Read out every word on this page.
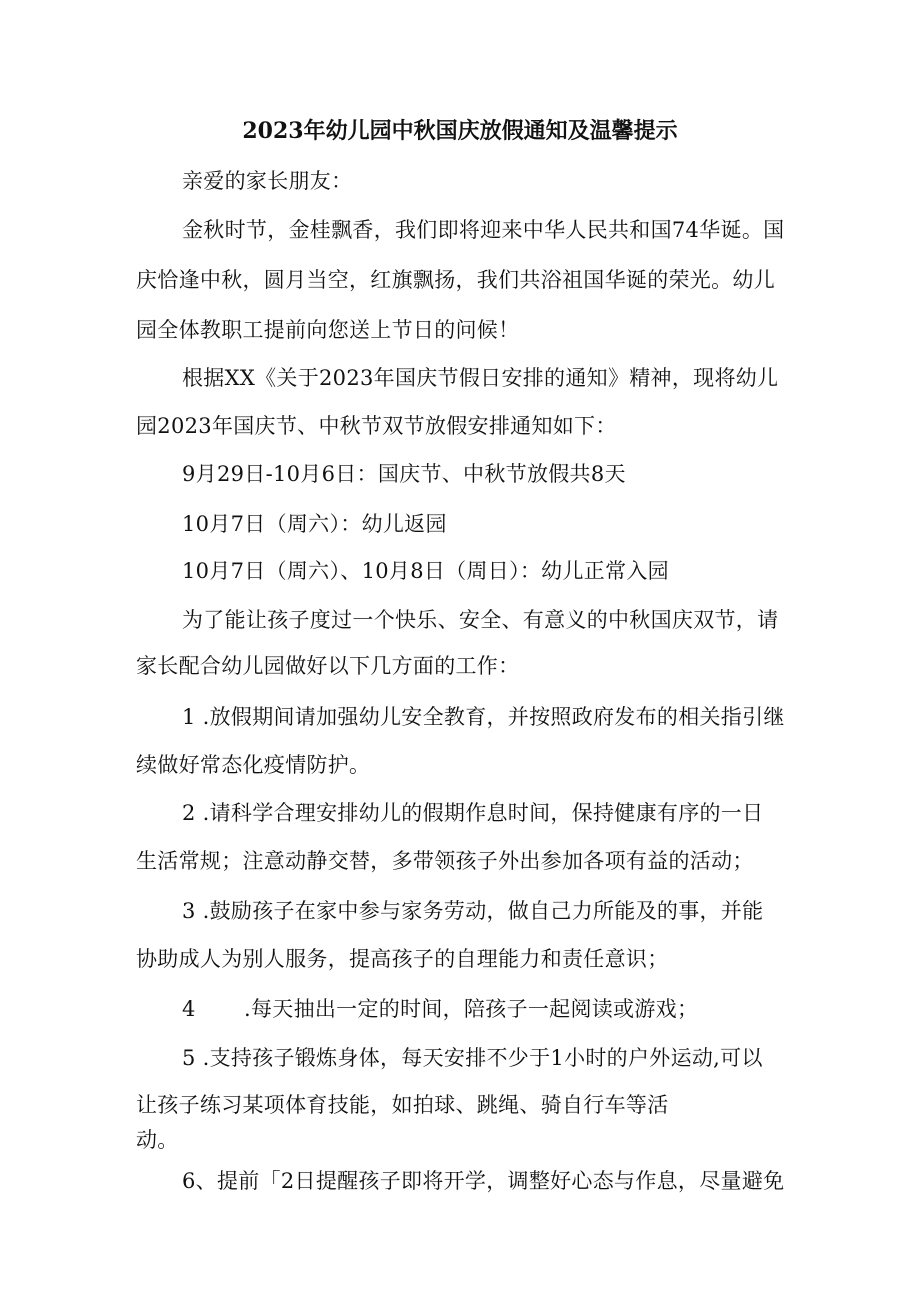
2023年幼儿园中秋国庆放假通知及温馨提示
亲爱的家长朋友：
金秋时节，金桂飘香，我们即将迎来中华人民共和国74华诞。国
庆恰逢中秋，圆月当空，红旗飘扬，我们共浴祖国华诞的荣光。幼儿
园全体教职工提前向您送上节日的问候！
根据XX《关于2023年国庆节假日安排的通知》精神，现将幼儿
园2023年国庆节、中秋节双节放假安排通知如下：
9月29日-10月6日：国庆节、中秋节放假共8天
10月7日（周六）：幼儿返园
10月7日（周六）、10月8日（周日）：幼儿正常入园
为了能让孩子度过一个快乐、安全、有意义的中秋国庆双节，请
家长配合幼儿园做好以下几方面的工作：
1 .放假期间请加强幼儿安全教育，并按照政府发布的相关指引继
续做好常态化疫情防护。
2 .请科学合理安排幼儿的假期作息时间，保持健康有序的一日
生活常规；注意动静交替，多带领孩子外出参加各项有益的活动；
3 .鼓励孩子在家中参与家务劳动，做自己力所能及的事，并能
协助成人为别人服务，提高孩子的自理能力和责任意识；
4 .每天抽出一定的时间，陪孩子一起阅读或游戏；
5 .支持孩子锻炼身体，每天安排不少于1小时的户外运动,可以
让孩子练习某项体育技能，如拍球、跳绳、骑自行车等活
动。
6、提前「2日提醒孩子即将开学，调整好心态与作息，尽量避免
